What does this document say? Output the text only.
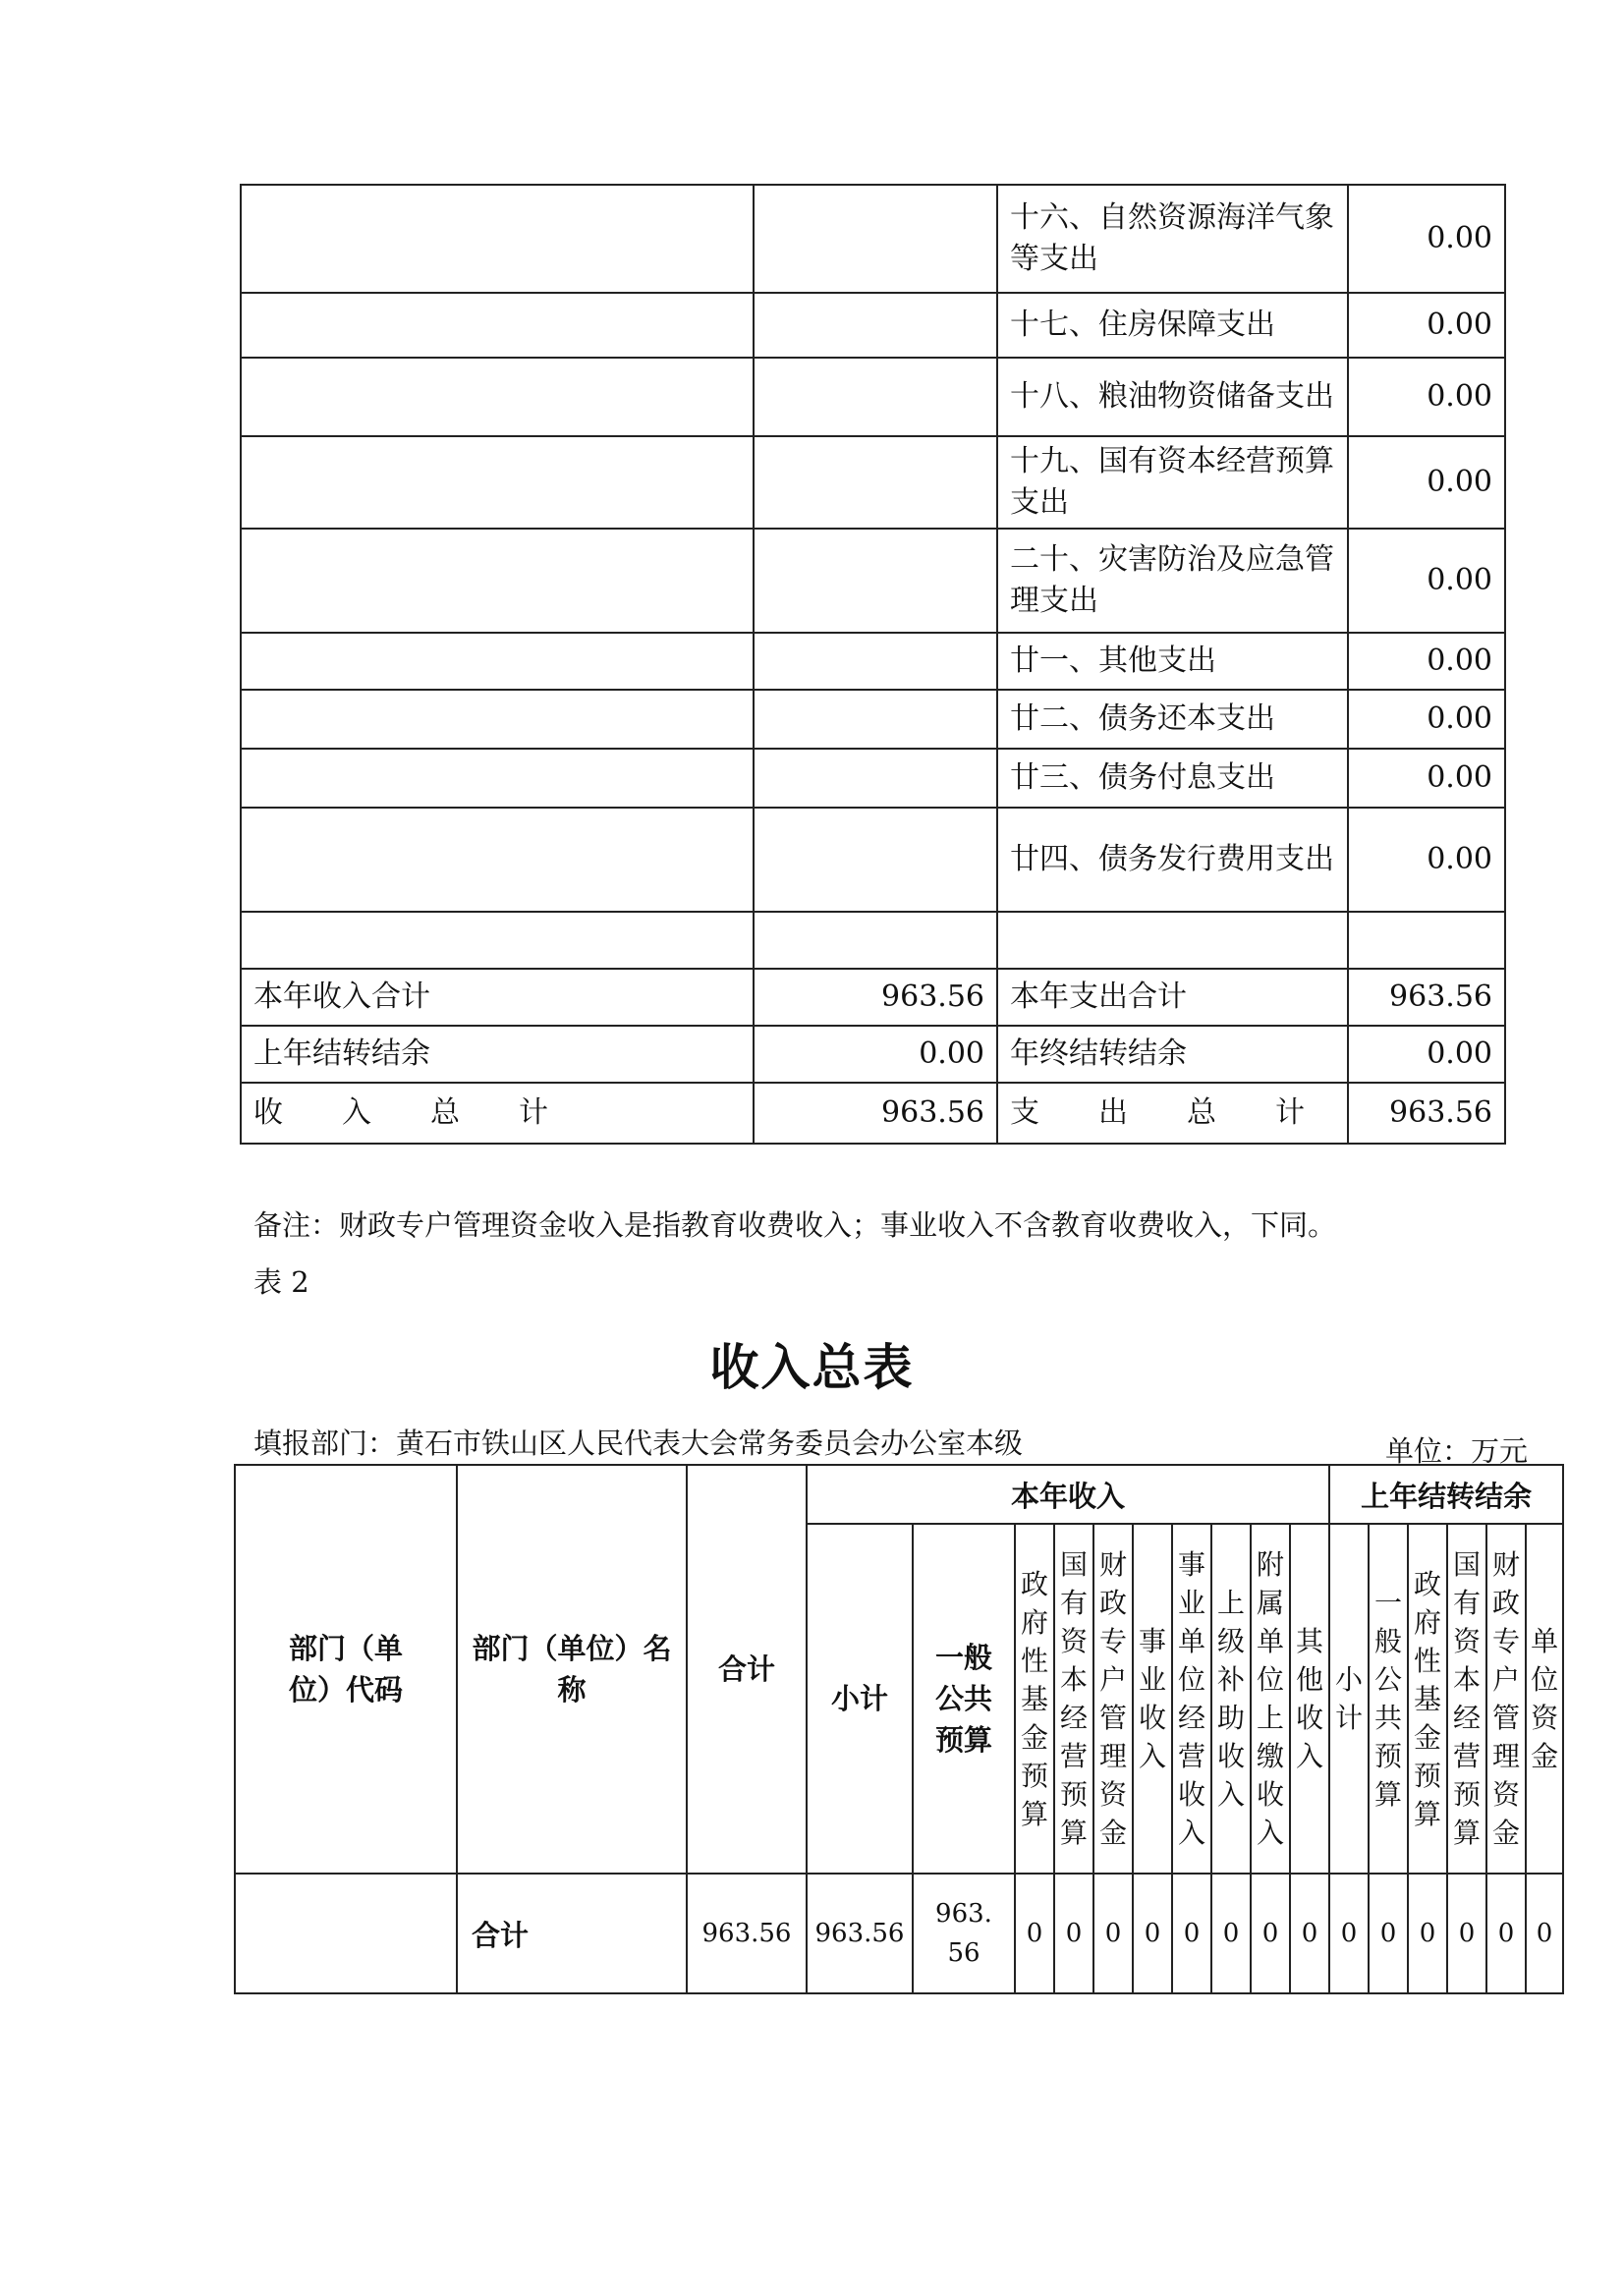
		十六、自然资源海洋气象等支出	0.00
		十七、住房保障支出	0.00
		十八、粮油物资储备支出	0.00
		十九、国有资本经营预算支出	0.00
		二十、灾害防治及应急管理支出	0.00
		廿一、其他支出	0.00
		廿二、债务还本支出	0.00
		廿三、债务付息支出	0.00
		廿四、债务发行费用支出	0.00

本年收入合计	963.56	本年支出合计	963.56
上年结转结余	0.00	年终结转结余	0.00

收 入 总 计	963.56	支 出 总 计	963.56
备注：财政专户管理资金收入是指教育收费收入；事业收入不含教育收费收入，下同。
表 2
收入总表
填报部门：黄石市铁山区人民代表大会常务委员会办公室本级	单位：万元
部门（单位）代码	部门（单位）名称	合计	本年收入										上年结转结余					
			小计	一般公共预算	政府性基金预算	国有资本经营预算	财政专户管理资金	事业收入	事业单位经营收入	上级补助收入	附属单位上缴收入	其他收入	小计	一般公共预算	政府性基金预算	国有资本经营预算	财政专户管理资金	单位资金
	合计	963.56	963.56	963.56	0	0	0	0	0	0	0	0	0	0	0	0	0	0
